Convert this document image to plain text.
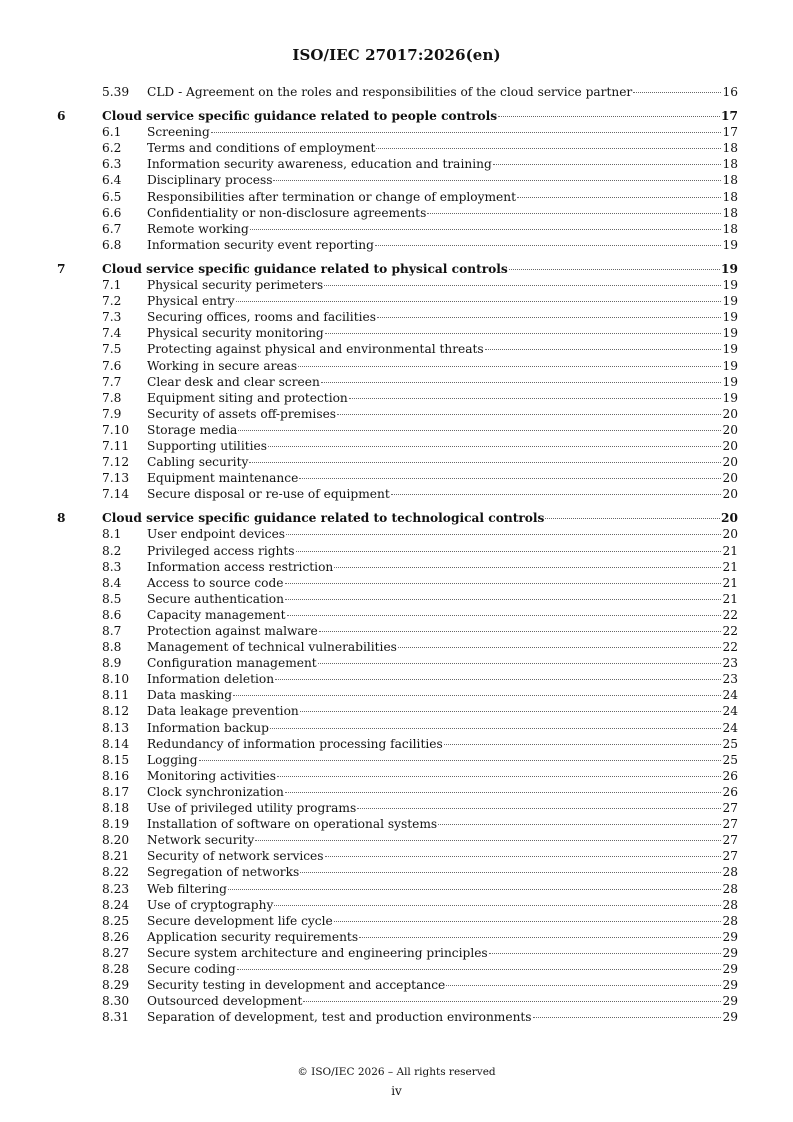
ISO/IEC 27017:2026(en)
5.39 CLD - Agreement on the roles and responsibilities of the cloud service partner	16
6	Cloud service specific guidance related to people controls	17
6.1 Screening	17
6.2 Terms and conditions of employment	18
6.3 Information security awareness, education and training	18
6.4 Disciplinary process	18
6.5 Responsibilities after termination or change of employment	18
6.6 Confidentiality or non-disclosure agreements	18
6.7 Remote working	18
6.8 Information security event reporting	19
7	Cloud service specific guidance related to physical controls	19
7.1 Physical security perimeters	19
7.2 Physical entry	19
7.3 Securing offices, rooms and facilities	19
7.4 Physical security monitoring	19
7.5 Protecting against physical and environmental threats	19
7.6 Working in secure areas	19
7.7 Clear desk and clear screen	19
7.8 Equipment siting and protection	19
7.9 Security of assets off-premises	20
7.10 Storage media	20
7.11 Supporting utilities	20
7.12 Cabling security	20
7.13 Equipment maintenance	20
7.14 Secure disposal or re-use of equipment	20
8	Cloud service specific guidance related to technological controls	20
8.1 User endpoint devices	20
8.2 Privileged access rights	21
8.3 Information access restriction	21
8.4 Access to source code	21
8.5 Secure authentication	21
8.6 Capacity management	22
8.7 Protection against malware	22
8.8 Management of technical vulnerabilities	22
8.9 Configuration management	23
8.10 Information deletion	23
8.11 Data masking	24
8.12 Data leakage prevention	24
8.13 Information backup	24
8.14 Redundancy of information processing facilities	25
8.15 Logging	25
8.16 Monitoring activities	26
8.17 Clock synchronization	26
8.18 Use of privileged utility programs	27
8.19 Installation of software on operational systems	27
8.20 Network security	27
8.21 Security of network services	27
8.22 Segregation of networks	28
8.23 Web filtering	28
8.24 Use of cryptography	28
8.25 Secure development life cycle	28
8.26 Application security requirements	29
8.27 Secure system architecture and engineering principles	29
8.28 Secure coding	29
8.29 Security testing in development and acceptance	29
8.30 Outsourced development	29
8.31 Separation of development, test and production environments	29
© ISO/IEC 2026 – All rights reserved
iv
